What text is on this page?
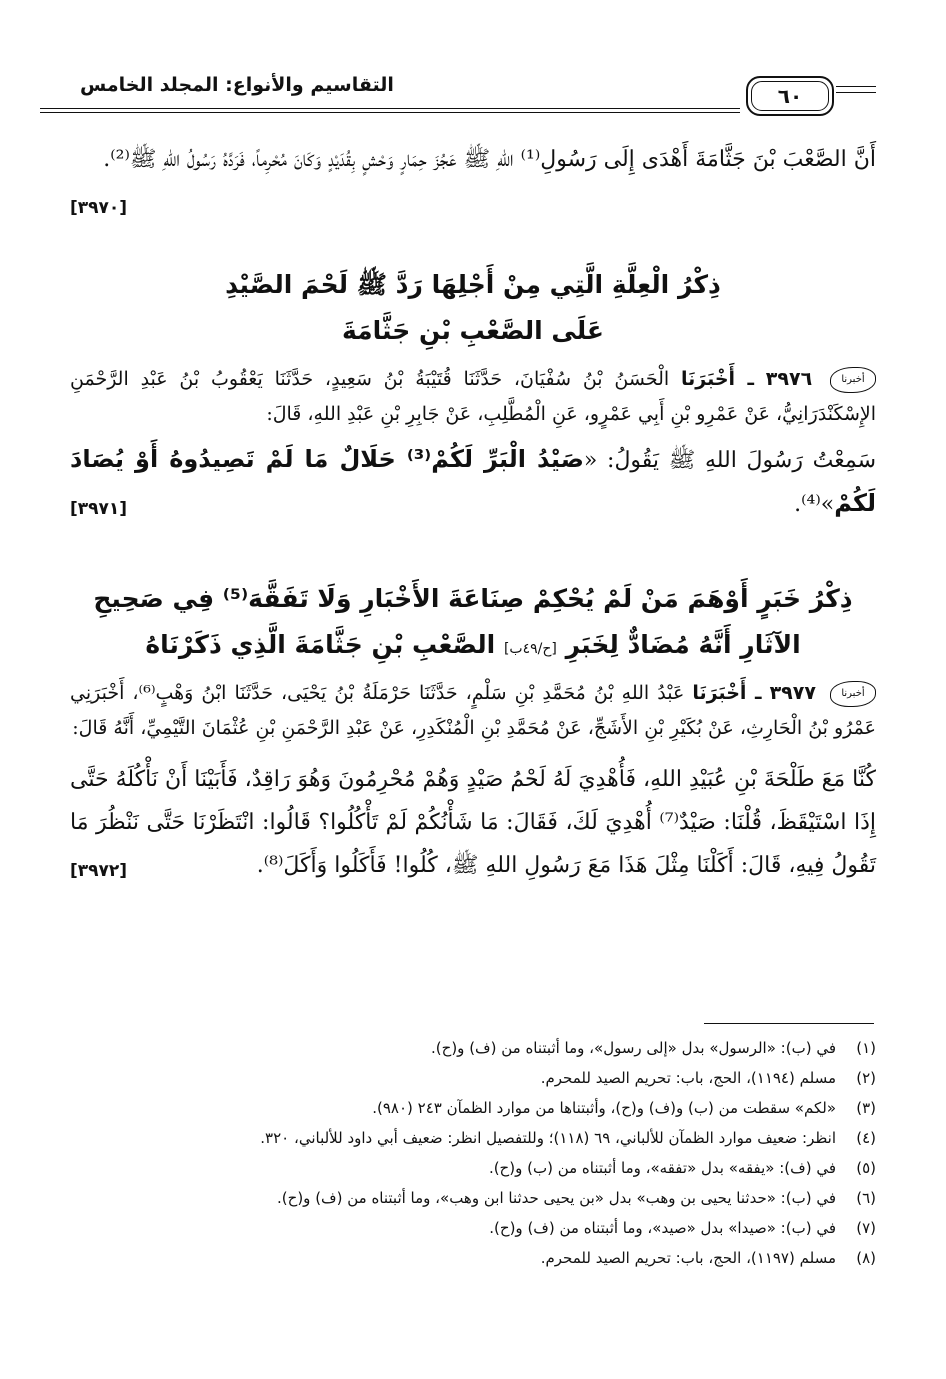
التقاسيم والأنواع: المجلد الخامس	٦٠

أَنَّ الصَّعْبَ بْنَ جَثَّامَةَ أَهْدَى إِلَى رَسُولِ⁽¹⁾ اللهِ ﷺ عَجُزَ حِمَارٍ وَحْشٍ بِقُدَيْدٍ وَكَانَ مُحْرِماً، فَرَدَّهُ رَسُولُ اللهِ ﷺ⁽²⁾.
[٣٩٧٠]

ذِكْرُ الْعِلَّةِ الَّتِي مِنْ أَجْلِهَا رَدَّ ﷺ لَحْمَ الصَّيْدِ
عَلَى الصَّعْبِ بْنِ جَثَّامَةَ

أخبرنا ٣٩٧٦ ـ أَخْبَرَنَا الْحَسَنُ بْنُ سُفْيَانَ، حَدَّثَنَا قُتَيْبَةُ بْنُ سَعِيدٍ، حَدَّثَنَا يَعْقُوبُ بْنُ عَبْدِ الرَّحْمَنِ الإِسْكَنْدَرَانِيُّ، عَنْ عَمْرِو بْنِ أَبِي عَمْرٍو، عَنِ الْمُطَّلِبِ، عَنْ جَابِرِ بْنِ عَبْدِ اللهِ، قَالَ:

سَمِعْتُ رَسُولَ اللهِ ﷺ يَقُولُ: «صَيْدُ الْبَرِّ لَكُمْ⁽³⁾ حَلَالٌ مَا لَمْ تَصِيدُوهُ أَوْ يُصَادَ لَكُمْ»⁽⁴⁾.
[٣٩٧١]

ذِكْرُ خَبَرٍ أَوْهَمَ مَنْ لَمْ يُحْكِمْ صِنَاعَةَ الأَخْبَارِ وَلَا تَفَقَّهَ⁽⁵⁾ فِي صَحِيحِ
الآثَارِ أَنَّهُ مُضَادٌّ لِخَبَرِ [ح/٤٩ب] الصَّعْبِ بْنِ جَثَّامَةَ الَّذِي ذَكَرْنَاهُ

أخبرنا ٣٩٧٧ ـ أَخْبَرَنَا عَبْدُ اللهِ بْنُ مُحَمَّدِ بْنِ سَلْمٍ، حَدَّثَنَا حَرْمَلَةُ بْنُ يَحْيَى، حَدَّثَنَا ابْنُ وَهْبٍ⁽⁶⁾، أَخْبَرَنِي عَمْرُو بْنُ الْحَارِثِ، عَنْ بُكَيْرِ بْنِ الأَشَجِّ، عَنْ مُحَمَّدِ بْنِ الْمُنْكَدِرِ، عَنْ عَبْدِ الرَّحْمَنِ بْنِ عُثْمَانَ التَّيْمِيِّ، أَنَّهُ قَالَ:

كُنَّا مَعَ طَلْحَةَ بْنِ عُبَيْدِ اللهِ، فَأُهْدِيَ لَهُ لَحْمُ صَيْدٍ وَهُمْ مُحْرِمُونَ وَهُوَ رَاقِدٌ، فَأَبَيْنَا أَنْ نَأْكُلَهُ حَتَّى إِذَا اسْتَيْقَظَ، قُلْنَا: صَيْدٌ⁽⁷⁾ أُهْدِيَ لَكَ، فَقَالَ: مَا شَأْنُكُمْ لَمْ تَأْكُلُوا؟ قَالُوا: انْتَظَرْنَا حَتَّى نَنْظُرَ مَا تَقُولُ فِيهِ، قَالَ: أَكَلْنَا مِثْلَ هَذَا مَعَ رَسُولِ اللهِ ﷺ، كُلُوا! فَأَكَلُوا وَأَكَلَ⁽⁸⁾.
[٣٩٧٢]

(١)
في (ب): «الرسول» بدل «إلى رسول»، وما أثبتناه من (ف) و(ح).
(٢)
مسلم (١١٩٤)، الحج، باب: تحريم الصيد للمحرم.
(٣)
«لكم» سقطت من (ب) و(ف) و(ح)، وأثبتناها من موارد الظمآن ٢٤٣ (٩٨٠).
(٤)
انظر: ضعيف موارد الظمآن للألباني، ٦٩ (١١٨)؛ وللتفصيل انظر: ضعيف أبي داود للألباني، ٣٢٠.
(٥)
في (ف): «يفقه» بدل «تفقه»، وما أثبتناه من (ب) و(ح).
(٦)
في (ب): «حدثنا يحيى بن وهب» بدل «بن يحيى حدثنا ابن وهب»، وما أثبتناه من (ف) و(ح).
(٧)
في (ب): «صيدا» بدل «صيد»، وما أثبتناه من (ف) و(ح).
(٨)
مسلم (١١٩٧)، الحج، باب: تحريم الصيد للمحرم.
